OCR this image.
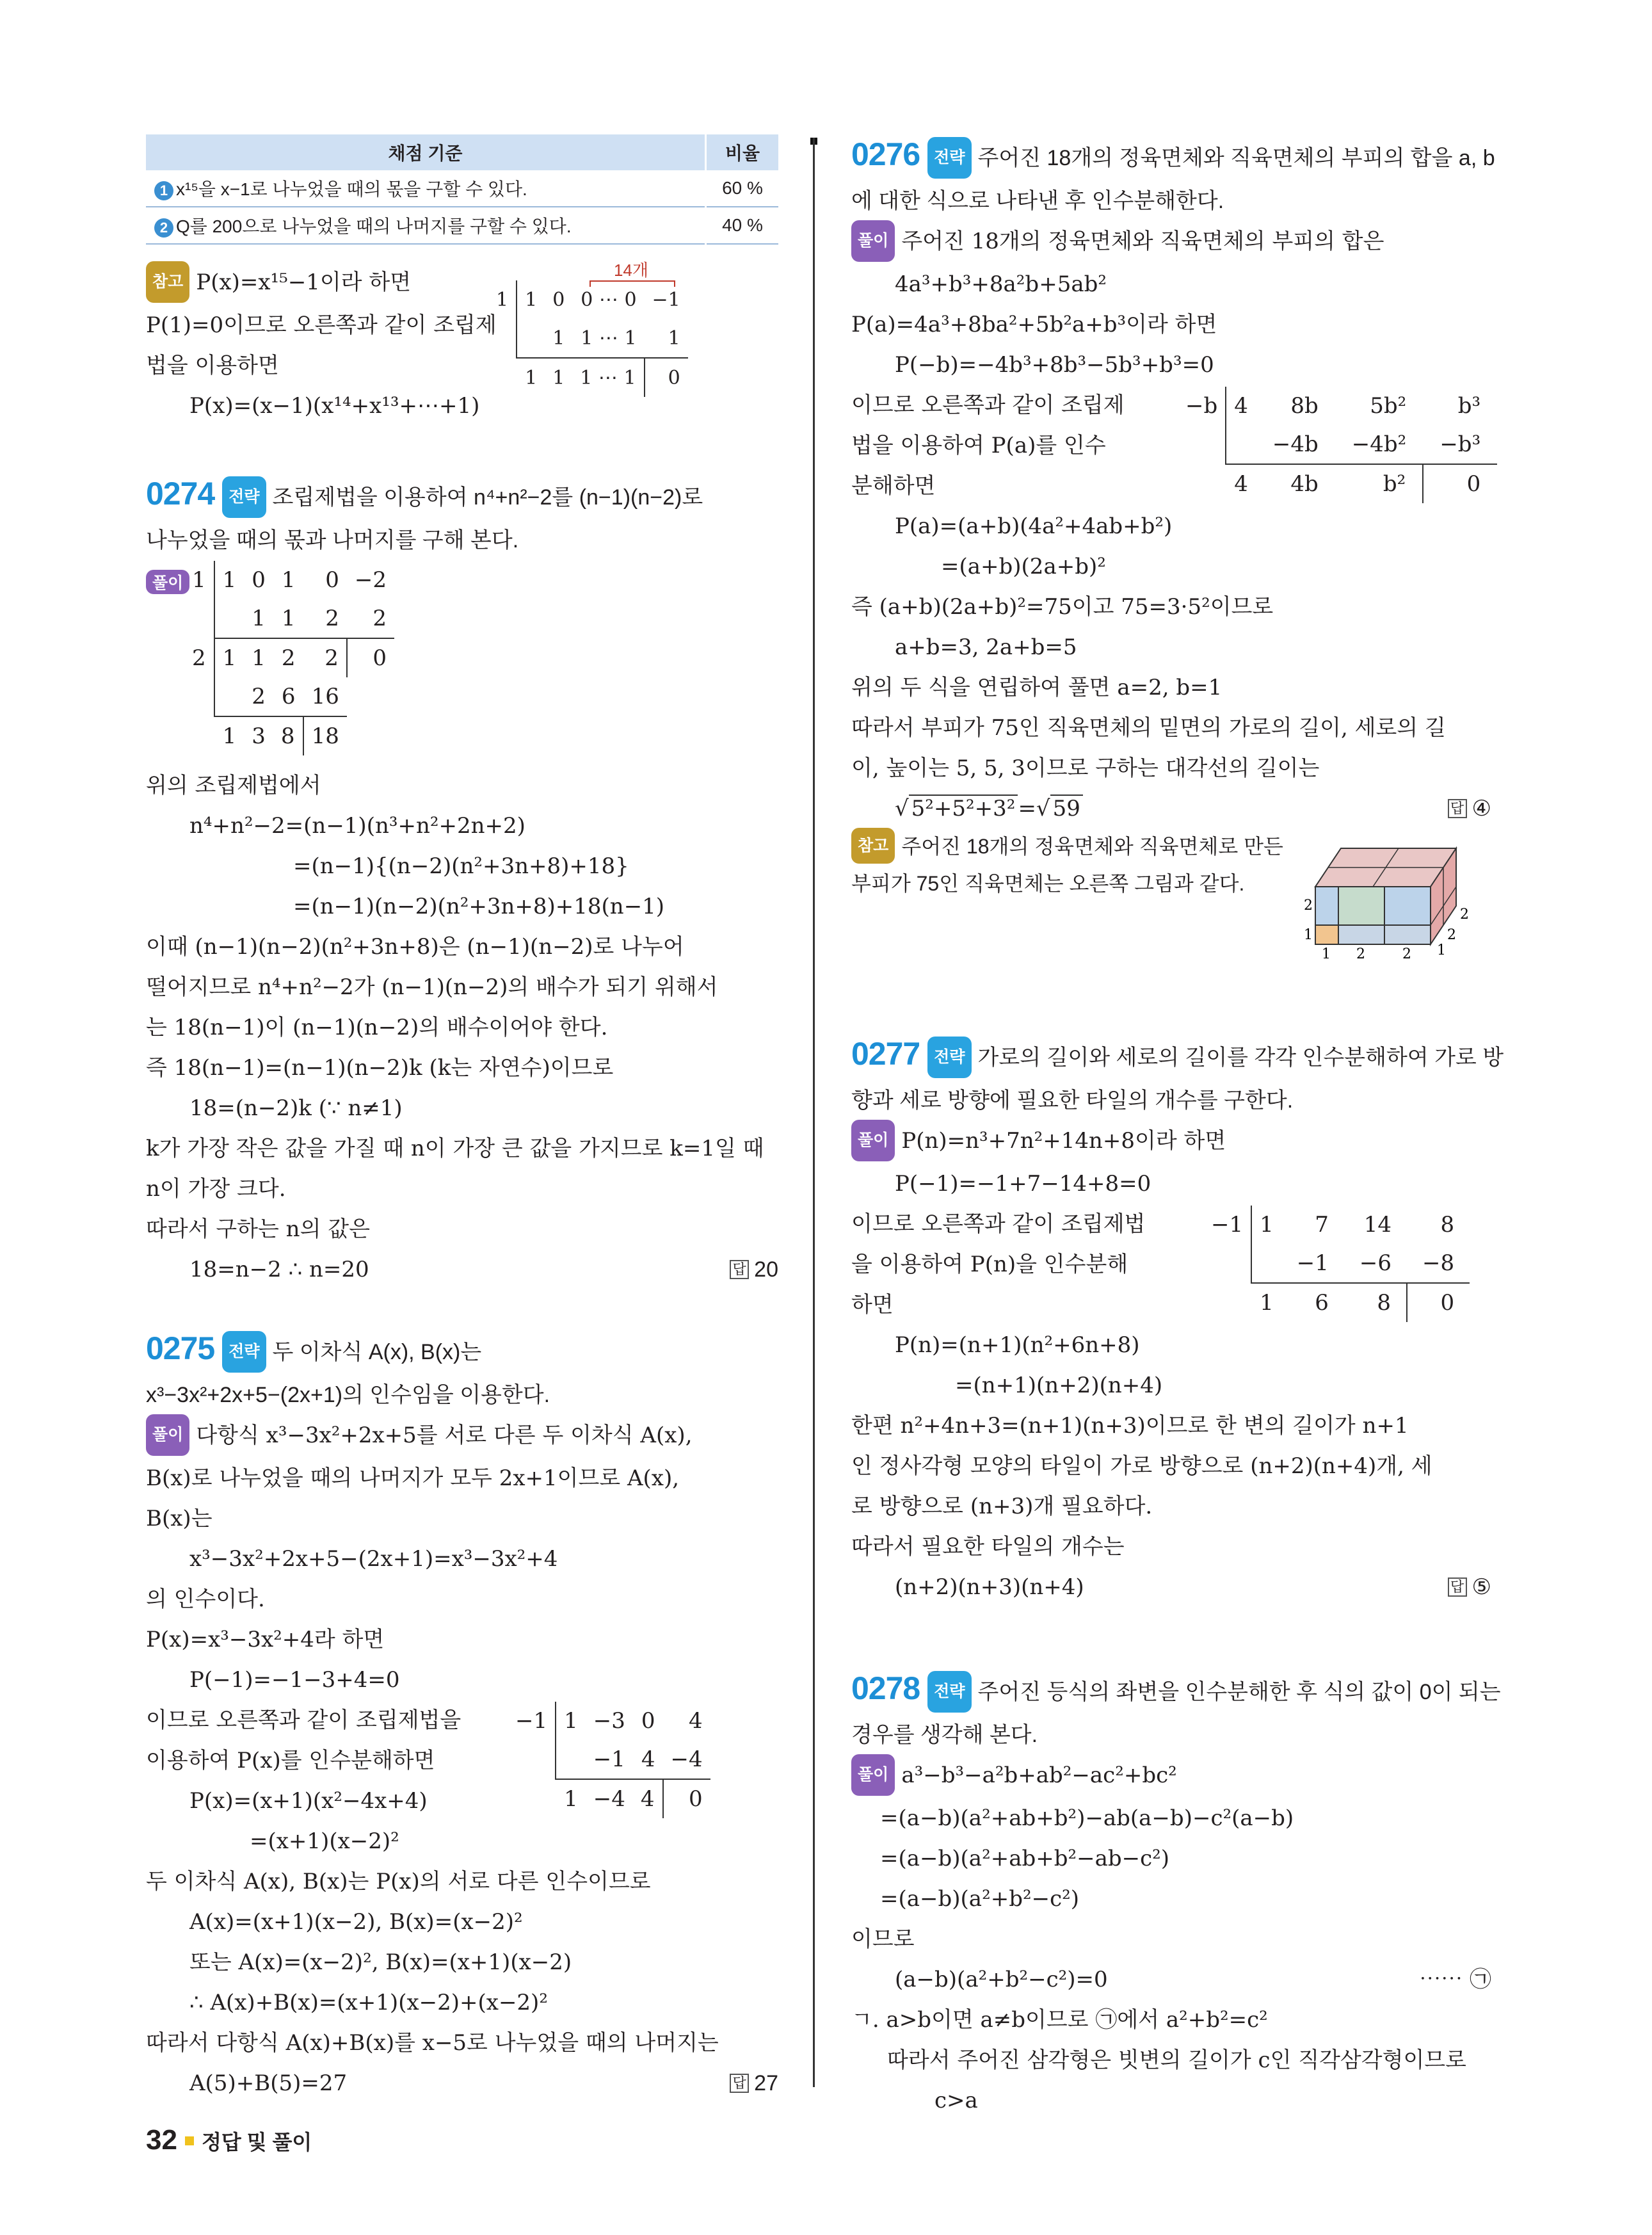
채점 기준	비율
1 x¹⁵을 x−1로 나누었을 때의 몫을 구할 수 있다.	60 %
2 Q를 200으로 나누었을 때의 나머지를 구할 수 있다.	40 %
참고 P(x)=x¹⁵−1이라 하면
P(1)=0이므로 오른쪽과 같이 조립제
법을 이용하면
P(x)=(x−1)(x¹⁴+x¹³+⋯+1)
14개
1	1	0	0 ⋯ 0	−1
		1	1 ⋯ 1	1
	1	1	1 ⋯ 1	0
0274 전략 조립제법을 이용하여 n⁴+n²−2를 (n−1)(n−2)로
나누었을 때의 몫과 나머지를 구해 본다.
풀이 1	1	0	1	0	−2
		1	1	2	2
2	1	1	2	2	0
		2	6	16	
	1	3	8	18	
위의 조립제법에서
n⁴+n²−2=(n−1)(n³+n²+2n+2)
=(n−1){(n−2)(n²+3n+8)+18}
=(n−1)(n−2)(n²+3n+8)+18(n−1)
이때 (n−1)(n−2)(n²+3n+8)은 (n−1)(n−2)로 나누어
떨어지므로 n⁴+n²−2가 (n−1)(n−2)의 배수가 되기 위해서
는 18(n−1)이 (n−1)(n−2)의 배수이어야 한다.
즉 18(n−1)=(n−1)(n−2)k (k는 자연수)이므로
18=(n−2)k (∵ n≠1)
k가 가장 작은 값을 가질 때 n이 가장 큰 값을 가지므로 k=1일 때
n이 가장 크다.
따라서 구하는 n의 값은
18=n−2 ∴ n=20	답 20
0275 전략 두 이차식 A(x), B(x)는
x³−3x²+2x+5−(2x+1)의 인수임을 이용한다.
풀이 다항식 x³−3x²+2x+5를 서로 다른 두 이차식 A(x),
B(x)로 나누었을 때의 나머지가 모두 2x+1이므로 A(x),
B(x)는
x³−3x²+2x+5−(2x+1)=x³−3x²+4
의 인수이다.
P(x)=x³−3x²+4라 하면
P(−1)=−1−3+4=0
이므로 오른쪽과 같이 조립제법을
이용하여 P(x)를 인수분해하면
P(x)=(x+1)(x²−4x+4)
=(x+1)(x−2)²
−1	1	−3	0	4
		−1	4	−4
	1	−4	4	0
두 이차식 A(x), B(x)는 P(x)의 서로 다른 인수이므로
A(x)=(x+1)(x−2), B(x)=(x−2)²
또는 A(x)=(x−2)², B(x)=(x+1)(x−2)
∴ A(x)+B(x)=(x+1)(x−2)+(x−2)²
따라서 다항식 A(x)+B(x)를 x−5로 나누었을 때의 나머지는
A(5)+B(5)=27	답 27
0276 전략 주어진 18개의 정육면체와 직육면체의 부피의 합을 a, b
에 대한 식으로 나타낸 후 인수분해한다.
풀이 주어진 18개의 정육면체와 직육면체의 부피의 합은
4a³+b³+8a²b+5ab²
P(a)=4a³+8ba²+5b²a+b³이라 하면
P(−b)=−4b³+8b³−5b³+b³=0
이므로 오른쪽과 같이 조립제
법을 이용하여 P(a)를 인수
분해하면
−b	4	8b	5b²	b³
		−4b	−4b²	−b³
	4	4b	b²	0
P(a)=(a+b)(4a²+4ab+b²)
=(a+b)(2a+b)²
즉 (a+b)(2a+b)²=75이고 75=3·5²이므로
a+b=3, 2a+b=5
위의 두 식을 연립하여 풀면 a=2, b=1
따라서 부피가 75인 직육면체의 밑면의 가로의 길이, 세로의 길
이, 높이는 5, 5, 3이므로 구하는 대각선의 길이는
√ 5²+5²+3² =√ 59	답 ④
참고 주어진 18개의 정육면체와 직육면체로 만든
부피가 75인 직육면체는 오른쪽 그림과 같다.
2
1
1 2	2 1
2
2
0277 전략 가로의 길이와 세로의 길이를 각각 인수분해하여 가로 방
향과 세로 방향에 필요한 타일의 개수를 구한다.
풀이 P(n)=n³+7n²+14n+8이라 하면
P(−1)=−1+7−14+8=0
이므로 오른쪽과 같이 조립제법
을 이용하여 P(n)을 인수분해
하면
−1	1	7	14	8
		−1	−6	−8
	1	6	8	0
P(n)=(n+1)(n²+6n+8)
=(n+1)(n+2)(n+4)
한편 n²+4n+3=(n+1)(n+3)이므로 한 변의 길이가 n+1
인 정사각형 모양의 타일이 가로 방향으로 (n+2)(n+4)개, 세
로 방향으로 (n+3)개 필요하다.
따라서 필요한 타일의 개수는
(n+2)(n+3)(n+4)	답 ⑤
0278 전략 주어진 등식의 좌변을 인수분해한 후 식의 값이 0이 되는
경우를 생각해 본다.
풀이 a³−b³−a²b+ab²−ac²+bc²
=(a−b)(a²+ab+b²)−ab(a−b)−c²(a−b)
=(a−b)(a²+ab+b²−ab−c²)
=(a−b)(a²+b²−c²)
이므로
(a−b)(a²+b²−c²)=0	⋯⋯ ㉠
ㄱ. a>b이면 a≠b이므로 ㉠에서 a²+b²=c²
따라서 주어진 삼각형은 빗변의 길이가 c인 직각삼각형이므로
c>a
32 정답 및 풀이
